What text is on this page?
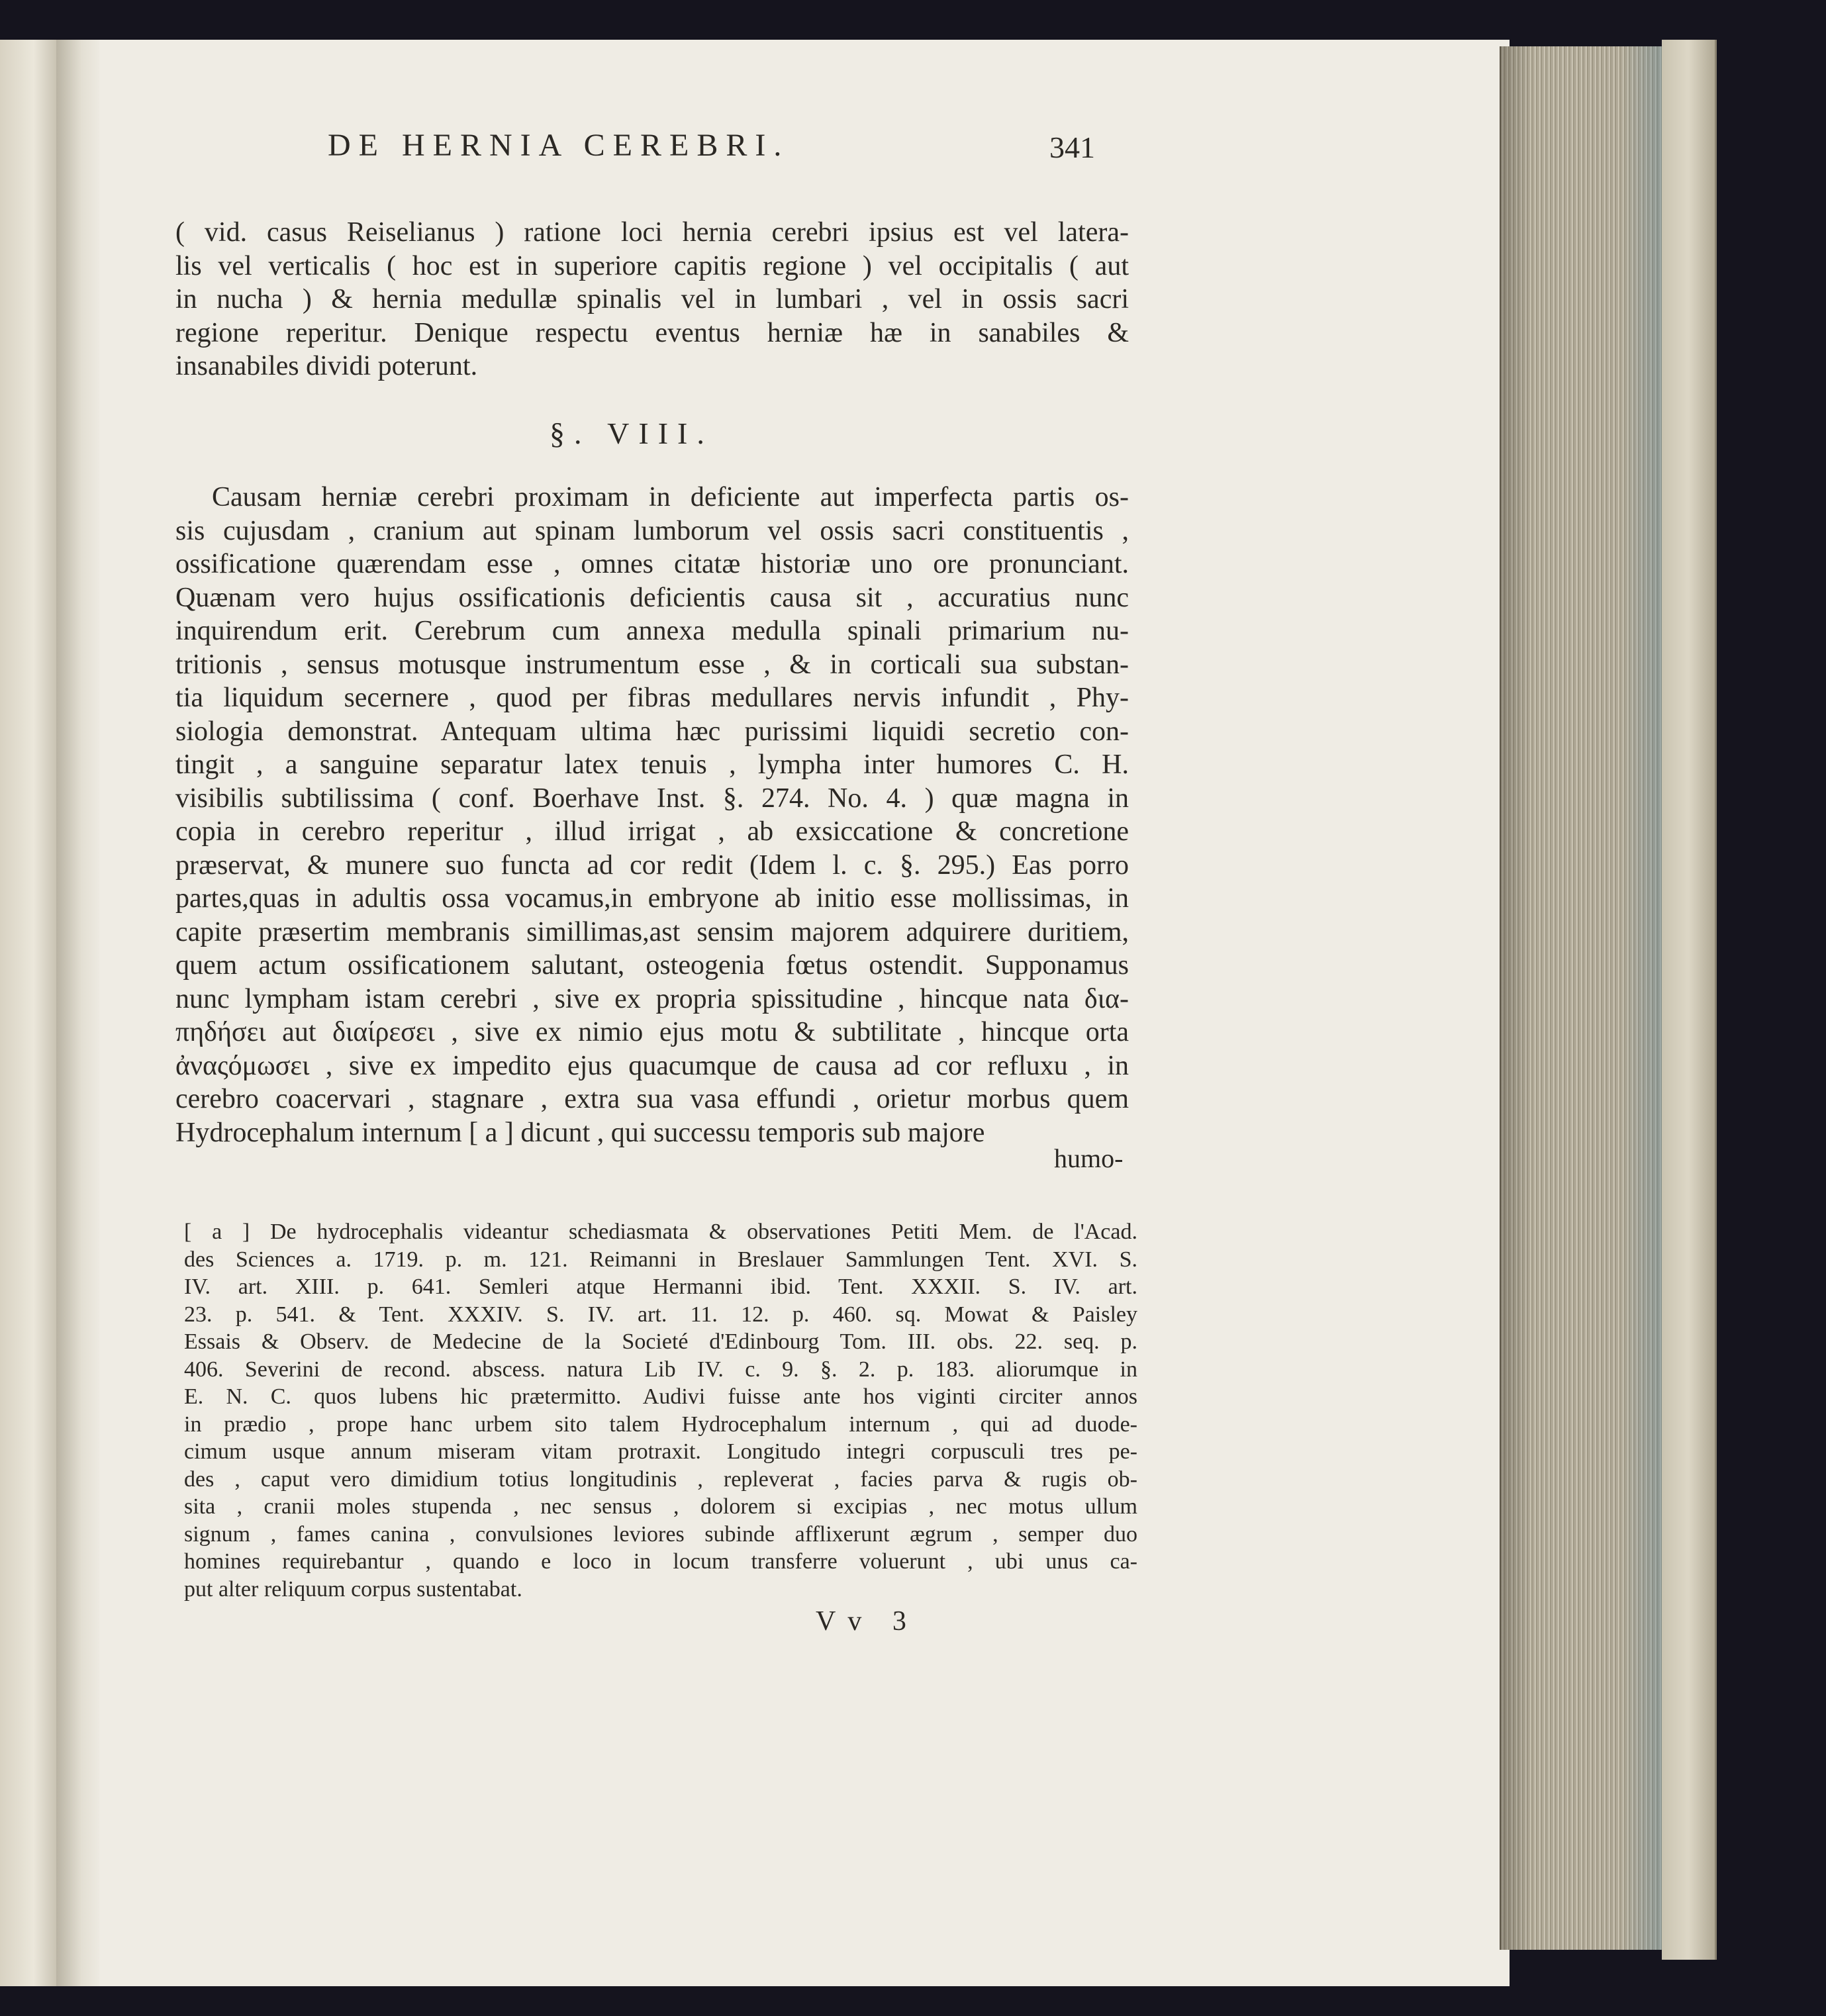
DE HERNIA CEREBRI.	341
( vid. casus Reiselianus ) ratione loci hernia cerebri ipsius est vel latera-
lis vel verticalis ( hoc est in superiore capitis regione ) vel occipitalis ( aut
in nucha ) & hernia medullæ spinalis vel in lumbari , vel in ossis sacri
regione reperitur. Denique respectu eventus herniæ hæ in sanabiles &
insanabiles dividi poterunt.
§. VIII.
Causam herniæ cerebri proximam in deficiente aut imperfecta partis os-
sis cujusdam , cranium aut spinam lumborum vel ossis sacri constituentis ,
ossificatione quærendam esse , omnes citatæ historiæ uno ore pronunciant.
Quænam vero hujus ossificationis deficientis causa sit , accuratius nunc
inquirendum erit. Cerebrum cum annexa medulla spinali primarium nu-
tritionis , sensus motusque instrumentum esse , & in corticali sua substan-
tia liquidum secernere , quod per fibras medullares nervis infundit , Phy-
siologia demonstrat. Antequam ultima hæc purissimi liquidi secretio con-
tingit , a sanguine separatur latex tenuis , lympha inter humores C. H.
visibilis subtilissima ( conf. Boerhave Inst. §. 274. No. 4. ) quæ magna in
copia in cerebro reperitur , illud irrigat , ab exsiccatione & concretione
præservat, & munere suo functa ad cor redit (Idem l. c. §. 295.) Eas porro
partes,quas in adultis ossa vocamus,in embryone ab initio esse mollissimas, in
capite præsertim membranis simillimas,ast sensim majorem adquirere duritiem,
quem actum ossificationem salutant, osteogenia fœtus ostendit. Supponamus
nunc lympham istam cerebri , sive ex propria spissitudine , hincque nata δια-
πηδήσει aut διαίρεσει , sive ex nimio ejus motu & subtilitate , hincque orta
ἀναςόμωσει , sive ex impedito ejus quacumque de causa ad cor refluxu , in
cerebro coacervari , stagnare , extra sua vasa effundi , orietur morbus quem
Hydrocephalum internum [ a ] dicunt , qui successu temporis sub majore
humo-
[ a ] De hydrocephalis videantur schediasmata & observationes Petiti Mem. de l'Acad.
des Sciences a. 1719. p. m. 121. Reimanni in Breslauer Sammlungen Tent. XVI. S.
IV. art. XIII. p. 641. Semleri atque Hermanni ibid. Tent. XXXII. S. IV. art.
23. p. 541. & Tent. XXXIV. S. IV. art. 11. 12. p. 460. sq. Mowat & Paisley
Essais & Observ. de Medecine de la Societé d'Edinbourg Tom. III. obs. 22. seq. p.
406. Severini de recond. abscess. natura Lib IV. c. 9. §. 2. p. 183. aliorumque in
E. N. C. quos lubens hic prætermitto. Audivi fuisse ante hos viginti circiter annos
in prædio , prope hanc urbem sito talem Hydrocephalum internum , qui ad duode-
cimum usque annum miseram vitam protraxit. Longitudo integri corpusculi tres pe-
des , caput vero dimidium totius longitudinis , repleverat , facies parva & rugis ob-
sita , cranii moles stupenda , nec sensus , dolorem si excipias , nec motus ullum
signum , fames canina , convulsiones leviores subinde afflixerunt ægrum , semper duo
homines requirebantur , quando e loco in locum transferre voluerunt , ubi unus ca-
put alter reliquum corpus sustentabat.
Vv 3
